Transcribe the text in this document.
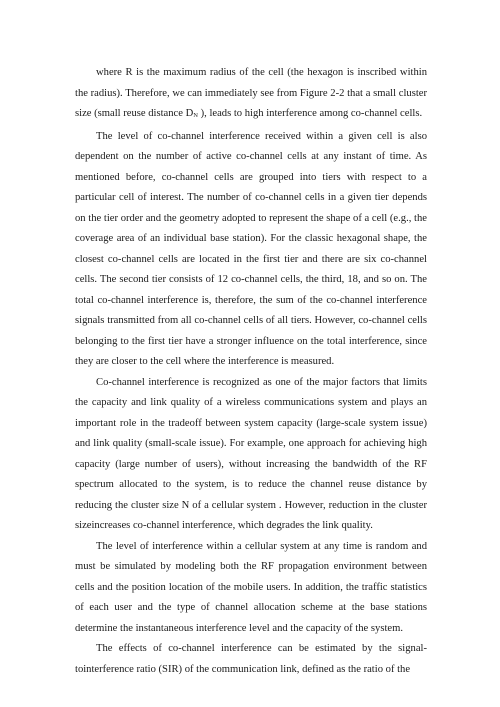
where R is the maximum radius of the cell (the hexagon is inscribed within the radius). Therefore, we can immediately see from Figure 2-2 that a small cluster size (small reuse distance DN ), leads to high interference among co-channel cells.

The level of co-channel interference received within a given cell is also dependent on the number of active co-channel cells at any instant of time. As mentioned before, co-channel cells are grouped into tiers with respect to a particular cell of interest. The number of co-channel cells in a given tier depends on the tier order and the geometry adopted to represent the shape of a cell (e.g., the coverage area of an individual base station). For the classic hexagonal shape, the closest co-channel cells are located in the first tier and there are six co-channel cells. The second tier consists of 12 co-channel cells, the third, 18, and so on. The total co-channel interference is, therefore, the sum of the co-channel interference signals transmitted from all co-channel cells of all tiers. However, co-channel cells belonging to the first tier have a stronger influence on the total interference, since they are closer to the cell where the interference is measured.

Co-channel interference is recognized as one of the major factors that limits the capacity and link quality of a wireless communications system and plays an important role in the tradeoff between system capacity (large-scale system issue) and link quality (small-scale issue). For example, one approach for achieving high capacity (large number of users), without increasing the bandwidth of the RF spectrum allocated to the system, is to reduce the channel reuse distance by reducing the cluster size N of a cellular system . However, reduction in the cluster sizeincreases co-channel interference, which degrades the link quality.

The level of interference within a cellular system at any time is random and must be simulated by modeling both the RF propagation environment between cells and the position location of the mobile users. In addition, the traffic statistics of each user and the type of channel allocation scheme at the base stations determine the instantaneous interference level and the capacity of the system.

The effects of co-channel interference can be estimated by the signal-tointerference ratio (SIR) of the communication link, defined as the ratio of the
